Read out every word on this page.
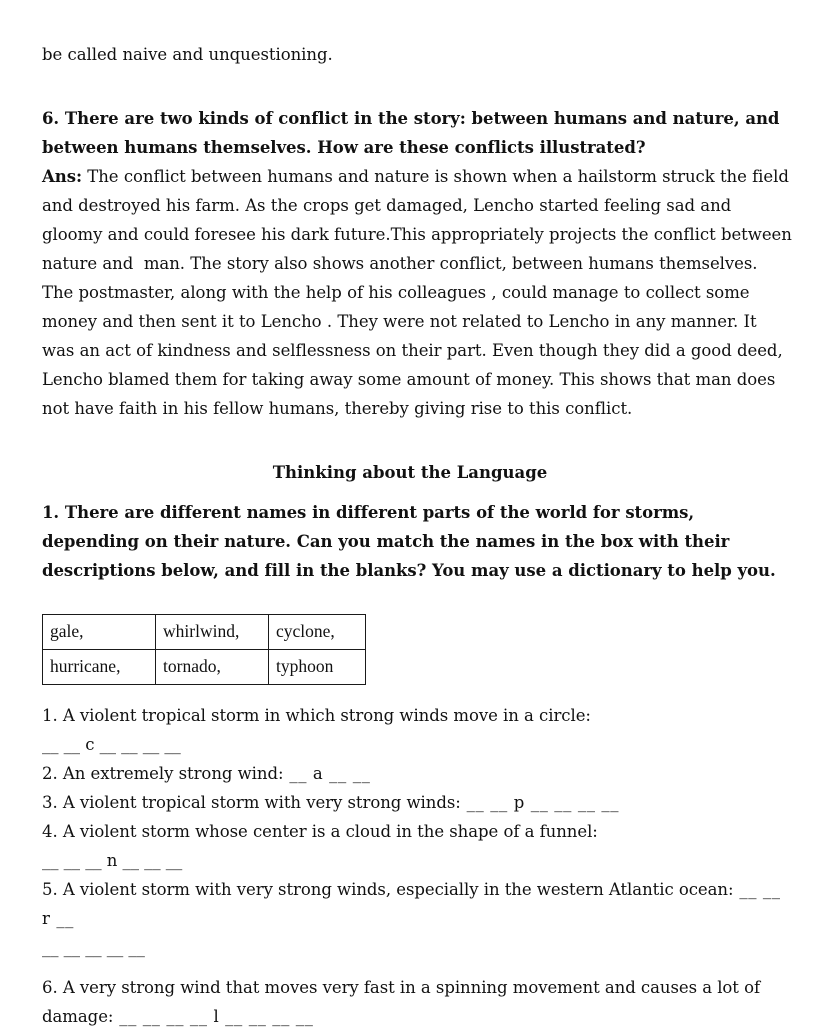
be called naive and unquestioning.

6. There are two kinds of conflict in the story: between humans and nature, and

between humans themselves. How are these conflicts illustrated?

Ans: The conflict between humans and nature is shown when a hailstorm struck the field and destroyed his farm. As the crops get damaged, Lencho started feeling sad and gloomy and could foresee his dark future.This appropriately projects the conflict between nature and  man. The story also shows another conflict, between humans themselves. The postmaster, along with the help of his colleagues , could manage to collect some money and then sent it to Lencho . They were not related to Lencho in any manner. It was an act of kindness and selflessness on their part. Even though they did a good deed, Lencho blamed them for taking away some amount of money. This shows that man does not have faith in his fellow humans, thereby giving rise to this conflict.

Thinking about the Language

1. There are different names in different parts of the world for storms, depending on their nature. Can you match the names in the box with their descriptions below, and fill in the blanks? You may use a dictionary to help you.

gale,	whirlwind,	cyclone,
hurricane,	tornado,	typhoon

1. A violent tropical storm in which strong winds move in a circle:

__ __ c __ __ __ __

2. An extremely strong wind: __ a __ __

3. A violent tropical storm with very strong winds: __ __ p __ __ __ __

4. A violent storm whose center is a cloud in the shape of a funnel:

__ __ __ n __ __ __

5. A violent storm with very strong winds, especially in the western Atlantic ocean: __ __ r __

__ __ __ __ __

6. A very strong wind that moves very fast in a spinning movement and causes a lot of damage: __ __ __ __ l __ __ __ __
